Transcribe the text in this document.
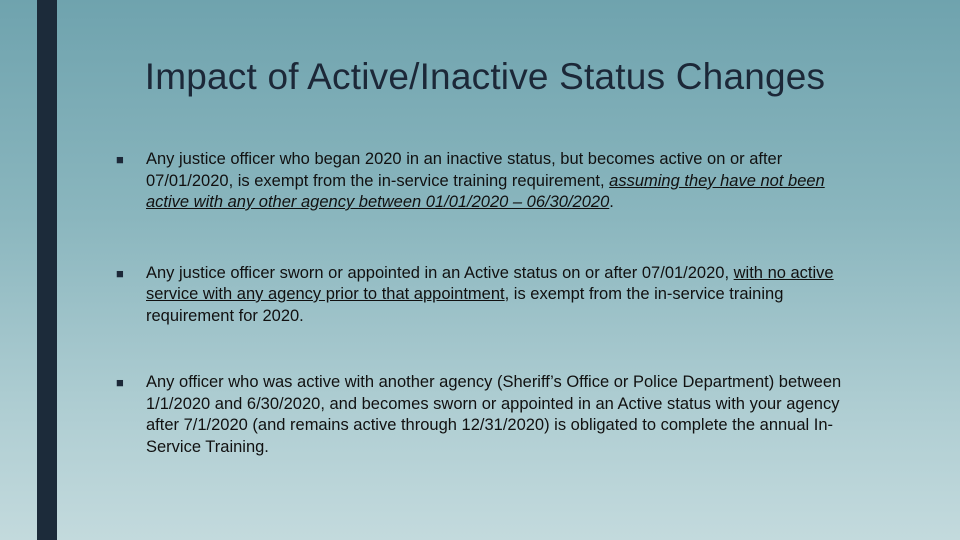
Impact of Active/Inactive Status Changes
■ Any justice officer who began 2020 in an inactive status, but becomes active on or after 07/01/2020, is exempt from the in-service training requirement, assuming they have not been active with any other agency between 01/01/2020 – 06/30/2020.
■ Any justice officer sworn or appointed in an Active status on or after 07/01/2020, with no active service with any agency prior to that appointment, is exempt from the in-service training requirement for 2020.
■ Any officer who was active with another agency (Sheriff’s Office or Police Department) between 1/1/2020 and 6/30/2020, and becomes sworn or appointed in an Active status with your agency after 7/1/2020 (and remains active through 12/31/2020) is obligated to complete the annual In-Service Training.
